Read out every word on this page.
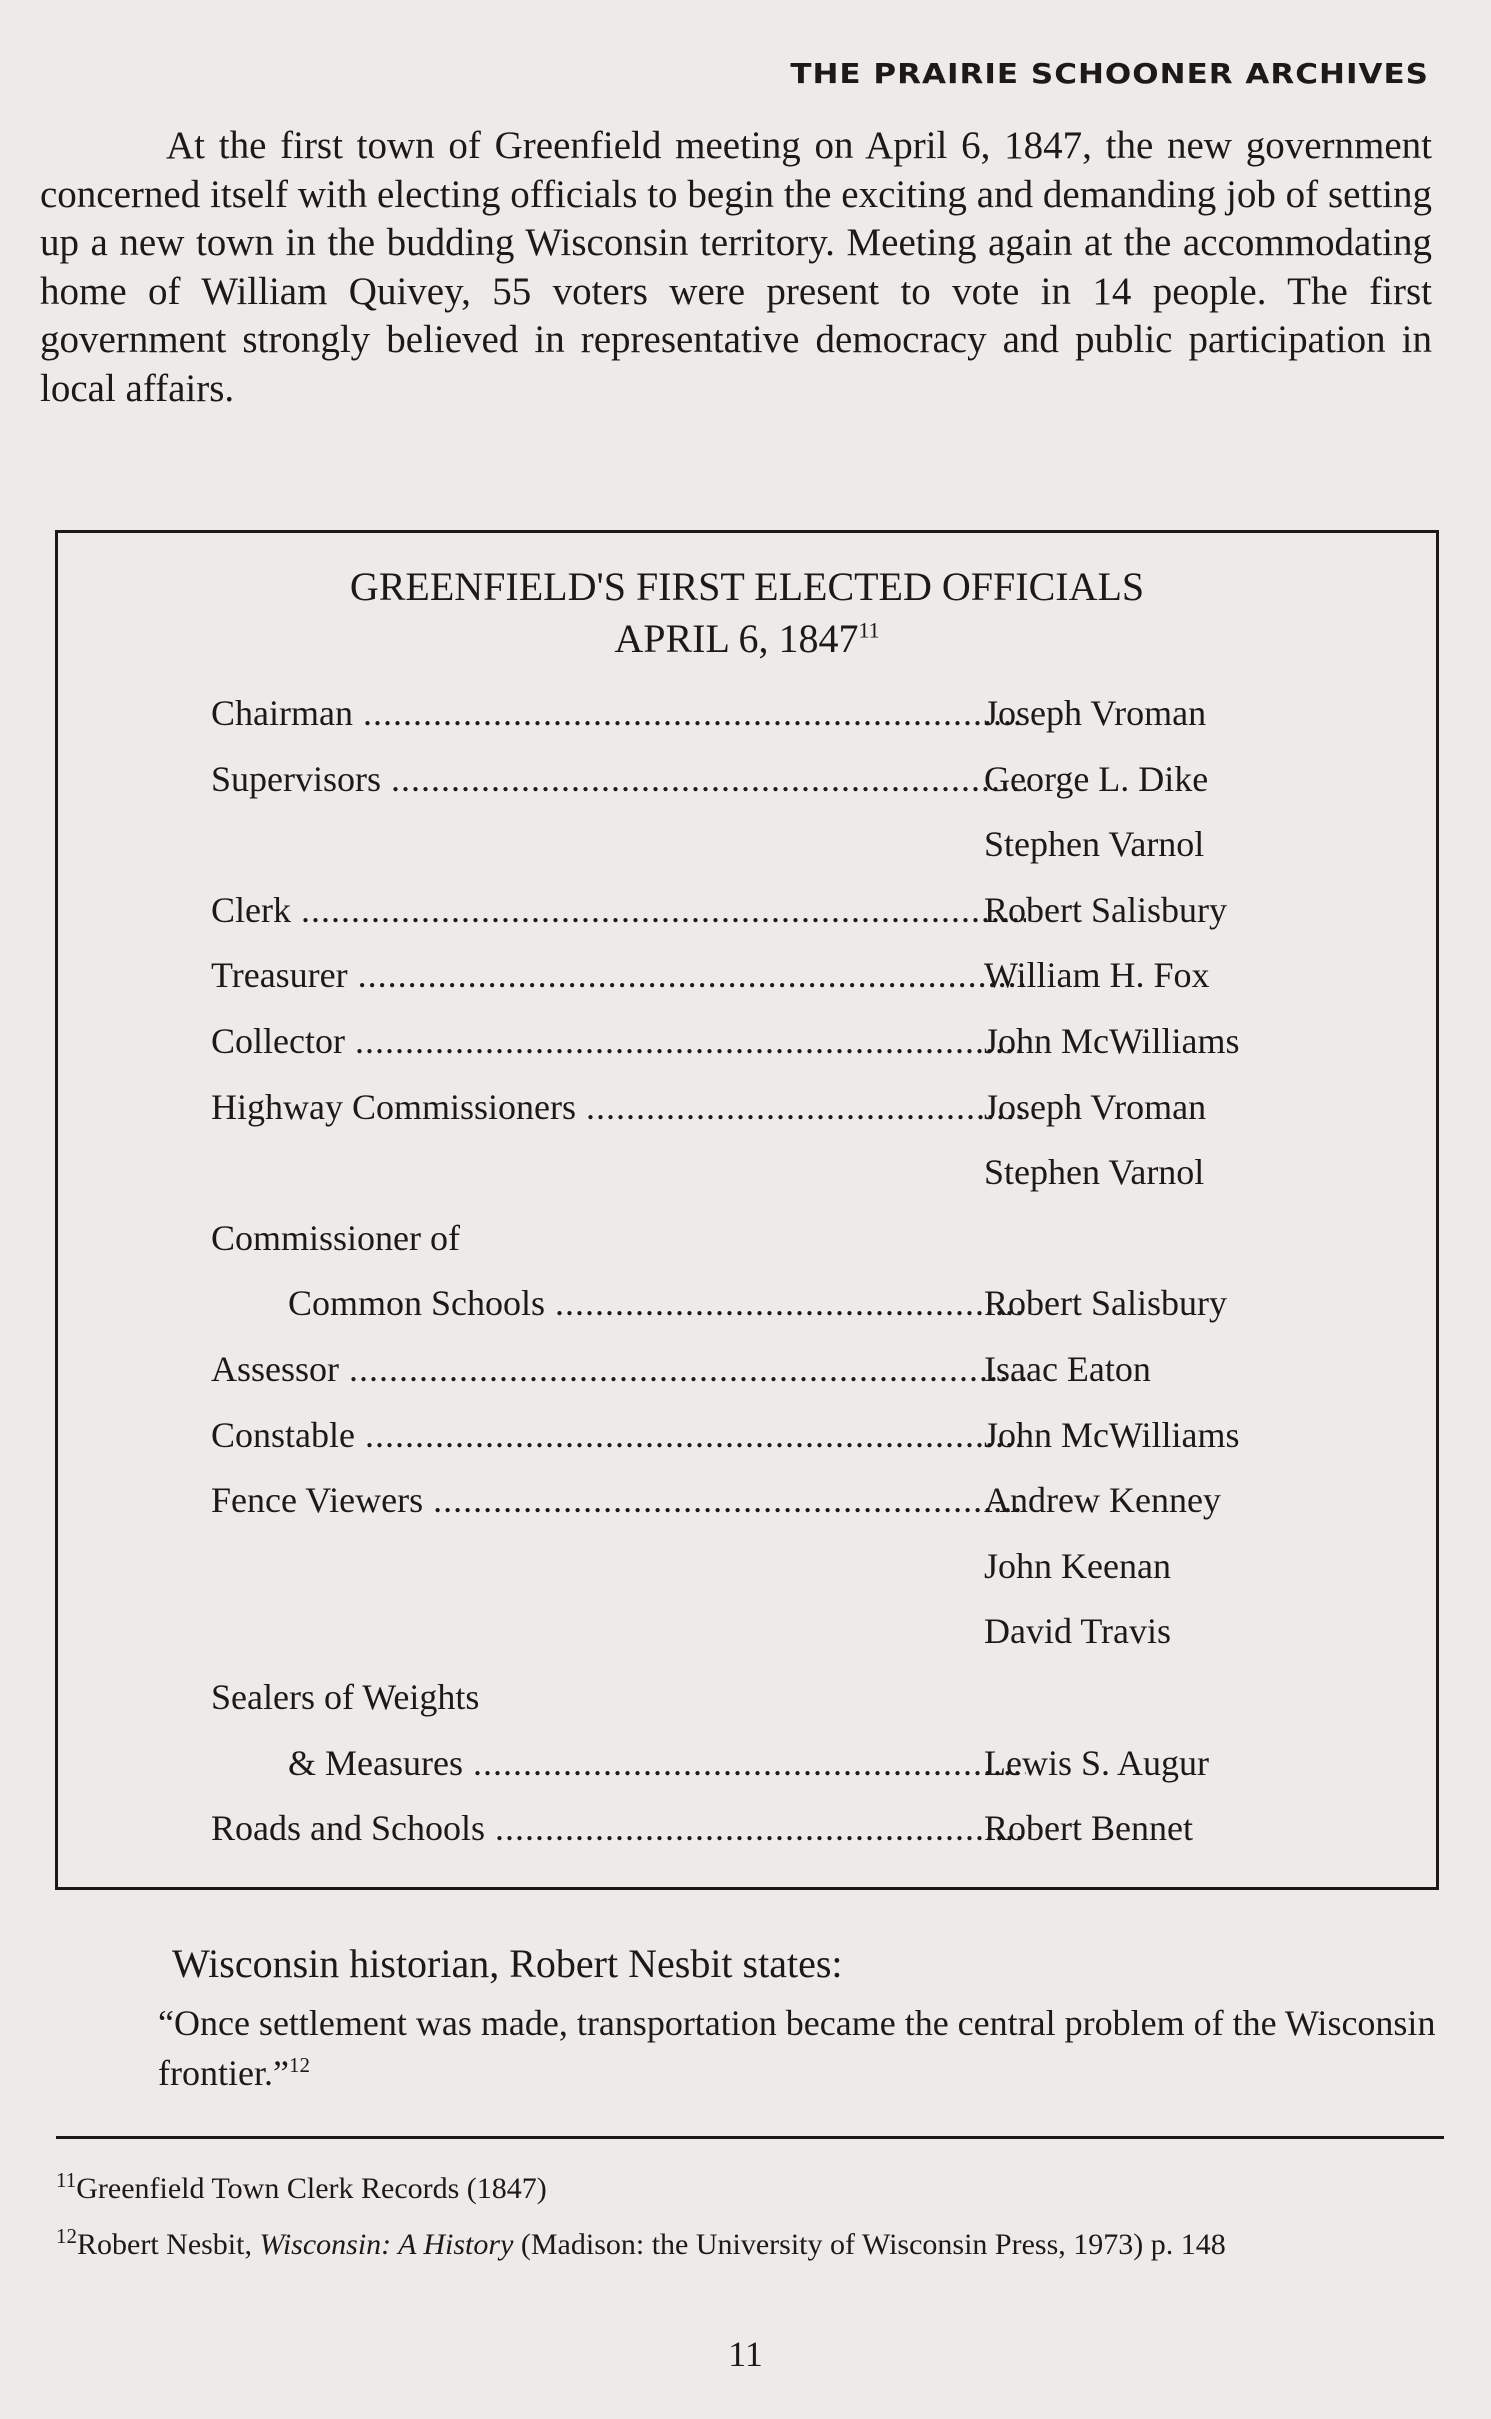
THE PRAIRIE SCHOONER ARCHIVES

At the first town of Greenfield meeting on April 6, 1847, the new government concerned itself with electing officials to begin the exciting and demanding job of setting up a new town in the budding Wisconsin territory. Meeting again at the accommodating home of William Quivey, 55 voters were present to vote in 14 people. The first government strongly believed in representative democracy and public participation in local affairs.

GREENFIELD'S FIRST ELECTED OFFICIALS
APRIL 6, 1847$^{11}$
Chairman .....	Joseph Vroman
Supervisors .....	George L. Dike
Stephen Varnol
Clerk .....	Robert Salisbury
Treasurer .....	William H. Fox
Collector .....	John McWilliams
Highway Commissioners .....	Joseph Vroman
Stephen Varnol
Commissioner of
Common Schools .....	Robert Salisbury
Assessor .....	Isaac Eaton
Constable .....	John McWilliams
Fence Viewers .....	Andrew Kenney
John Keenan
David Travis
Sealers of Weights
& Measures .....	Lewis S. Augur
Roads and Schools .....	Robert Bennet

Wisconsin historian, Robert Nesbit states:

“Once settlement was made, transportation became the central problem of the Wisconsin frontier.”$^{12}$

$^{11}$Greenfield Town Clerk Records (1847)

$^{12}$Robert Nesbit, Wisconsin: A History (Madison: the University of Wisconsin Press, 1973) p. 148

11
